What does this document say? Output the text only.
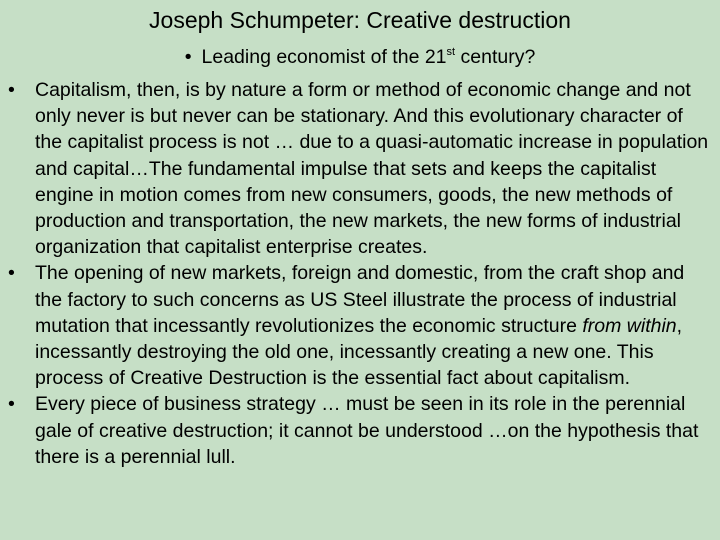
Joseph Schumpeter: Creative destruction
• Leading economist of the 21st century?
•	Capitalism, then, is by nature a form or method of economic change and not only never is but never can be stationary. And this evolutionary character of the capitalist process is not … due to a quasi-automatic increase in population and capital…The fundamental impulse that sets and keeps the capitalist engine in motion comes from new consumers, goods, the new methods of production and transportation, the new markets, the new forms of industrial organization that capitalist enterprise creates.
•	The opening of new markets, foreign and domestic, from the craft shop and the factory to such concerns as US Steel illustrate the process of industrial mutation that incessantly revolutionizes the economic structure from within, incessantly destroying the old one, incessantly creating a new one. This process of Creative Destruction is the essential fact about capitalism.
•	Every piece of business strategy … must be seen in its role in the perennial gale of creative destruction; it cannot be understood …on the hypothesis that there is a perennial lull.
